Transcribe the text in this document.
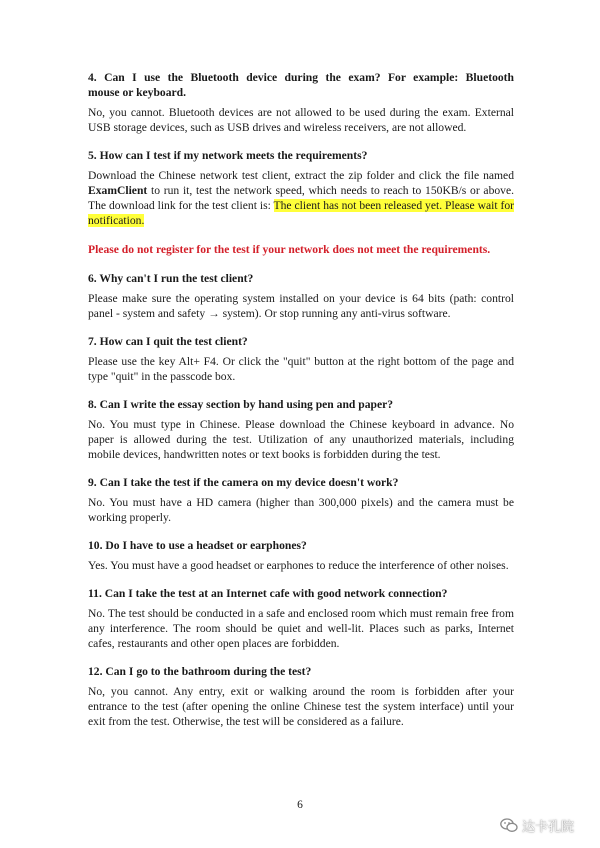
4. Can I use the Bluetooth device during the exam? For example: Bluetooth
mouse or keyboard.
No, you cannot. Bluetooth devices are not allowed to be used during the exam. External USB storage devices, such as USB drives and wireless receivers, are not allowed.
5. How can I test if my network meets the requirements?
Download the Chinese network test client, extract the zip folder and click the file named ExamClient to run it, test the network speed, which needs to reach to 150KB/s or above. The download link for the test client is: The client has not been released yet. Please wait for notification.
Please do not register for the test if your network does not meet the requirements.
6. Why can't I run the test client?
Please make sure the operating system installed on your device is 64 bits (path: control panel - system and safety → system). Or stop running any anti-virus software.
7. How can I quit the test client?
Please use the key Alt+ F4. Or click the "quit" button at the right bottom of the page and type "quit" in the passcode box.
8. Can I write the essay section by hand using pen and paper?
No. You must type in Chinese. Please download the Chinese keyboard in advance. No paper is allowed during the test. Utilization of any unauthorized materials, including mobile devices, handwritten notes or text books is forbidden during the test.
9. Can I take the test if the camera on my device doesn't work?
No. You must have a HD camera (higher than 300,000 pixels) and the camera must be working properly.
10. Do I have to use a headset or earphones?
Yes. You must have a good headset or earphones to reduce the interference of other noises.
11. Can I take the test at an Internet cafe with good network connection?
No. The test should be conducted in a safe and enclosed room which must remain free from any interference. The room should be quiet and well-lit. Places such as parks, Internet cafes, restaurants and other open places are forbidden.
12. Can I go to the bathroom during the test?
No, you cannot. Any entry, exit or walking around the room is forbidden after your entrance to the test (after opening the online Chinese test the system interface) until your exit from the test. Otherwise, the test will be considered as a failure.
6
达卡孔院
